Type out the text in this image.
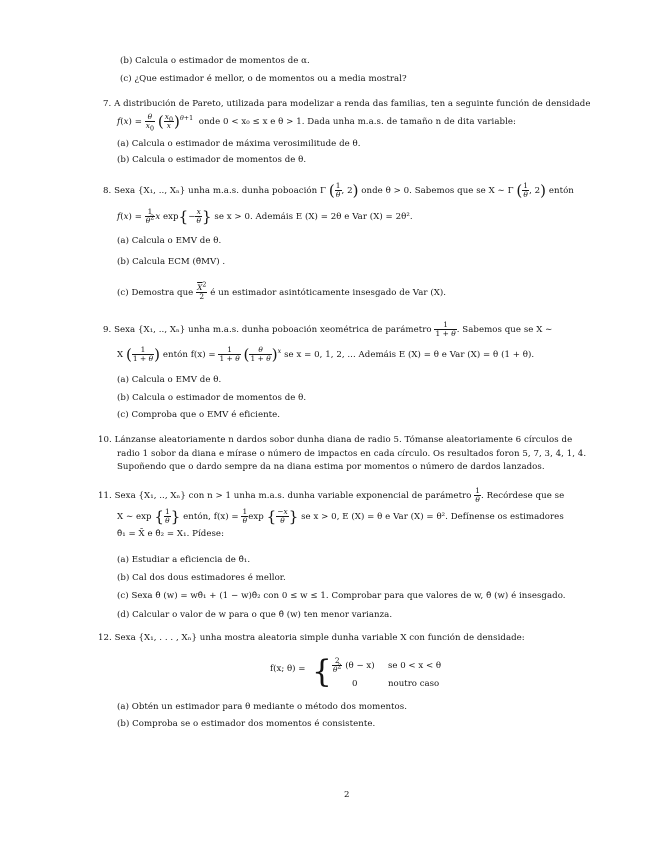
(b) Calcula o estimador de momentos de α.
(c) ¿Que estimador é mellor, o de momentos ou a media mostral?
7. A distribución de Pareto, utilizada para modelizar a renda das familias, ten a seguinte función de densidade
$f(x) = \frac{\theta}{x_0}$ ( $\frac{x_0}{x} )^{\theta+1}$ onde 0 < x₀ ≤ x e θ > 1. Dada unha m.a.s. de tamaño n de dita variable:
(a) Calcula o estimador de máxima verosimilitude de θ.
(b) Calcula o estimador de momentos de θ.
8. Sexa {X₁, .., Xₙ} unha m.a.s. dunha poboación Γ ( $\frac{1}{\theta}$ , 2) onde θ > 0. Sabemos que se X ∼ Γ ( $\frac{1}{\theta}$ , 2) entón
$f(x) = \frac{1}{\theta^2}$ x $\exp\{- \frac{x}{\theta}$ } se x > 0. Ademáis E (X) = 2θ e Var (X) = 2θ².
(a) Calcula o EMV de θ.
(b) Calcula ECM (θ̂MV) .
(c) Demostra que $\frac{\overline{X}^2}{2}$ é un estimador asintóticamente insesgado de Var (X).
9. Sexa {X₁, .., Xₙ} unha m.a.s. dunha poboación xeométrica de parámetro $\frac{1}{1 + \theta}$ . Sabemos que se X ∼
X ( $\frac{1}{1 + \theta}$ ) entón $f(x) = \frac{1}{1 + \theta}$ ( $\frac{\theta}{1 + \theta} )^x$ se x = 0, 1, 2, ... Ademáis E (X) = θ e Var (X) = θ (1 + θ).
(a) Calcula o EMV de θ.
(b) Calcula o estimador de momentos de θ.
(c) Comproba que o EMV é eficiente.
10. Lánzanse aleatoriamente n dardos sobor dunha diana de radio 5. Tómanse aleatoriamente 6 círculos de
radio 1 sobor da diana e mírase o número de impactos en cada círculo. Os resultados foron 5, 7, 3, 4, 1, 4.
Supoñendo que o dardo sempre da na diana estima por momentos o número de dardos lanzados.
11. Sexa {X₁, .., Xₙ} con n > 1 unha m.a.s. dunha variable exponencial de parámetro $\frac{1}{\theta}$ . Recórdese que se
X ∼ exp { $\frac{1}{\theta}$ } entón, $f(x) = \frac{1}{\theta}$ exp { $\frac{-x}{\theta}$ } se x > 0, E (X) = θ e Var (X) = θ². Defínense os estimadores
θ̂₁ = X̄ e θ̂₂ = X₁. Pídese:
(a) Estudiar a eficiencia de θ̂₁.
(b) Cal dos dous estimadores é mellor.
(c) Sexa θ̂ (w) = wθ̂₁ + (1 − w)θ̂₂ con 0 ≤ w ≤ 1. Comprobar para que valores de w, θ̂ (w) é insesgado.
(d) Calcular o valor de w para o que θ̂ (w) ten menor varianza.
12. Sexa {X₁, . . . , Xₙ} unha mostra aleatoria simple dunha variable X con función de densidade:
f(x; θ) = { $\frac{2}{\theta^2} (\theta - x)$ se 0 < x < θ
0	noutro caso
(a) Obtén un estimador para θ mediante o método dos momentos.
(b) Comproba se o estimador dos momentos é consistente.
2
